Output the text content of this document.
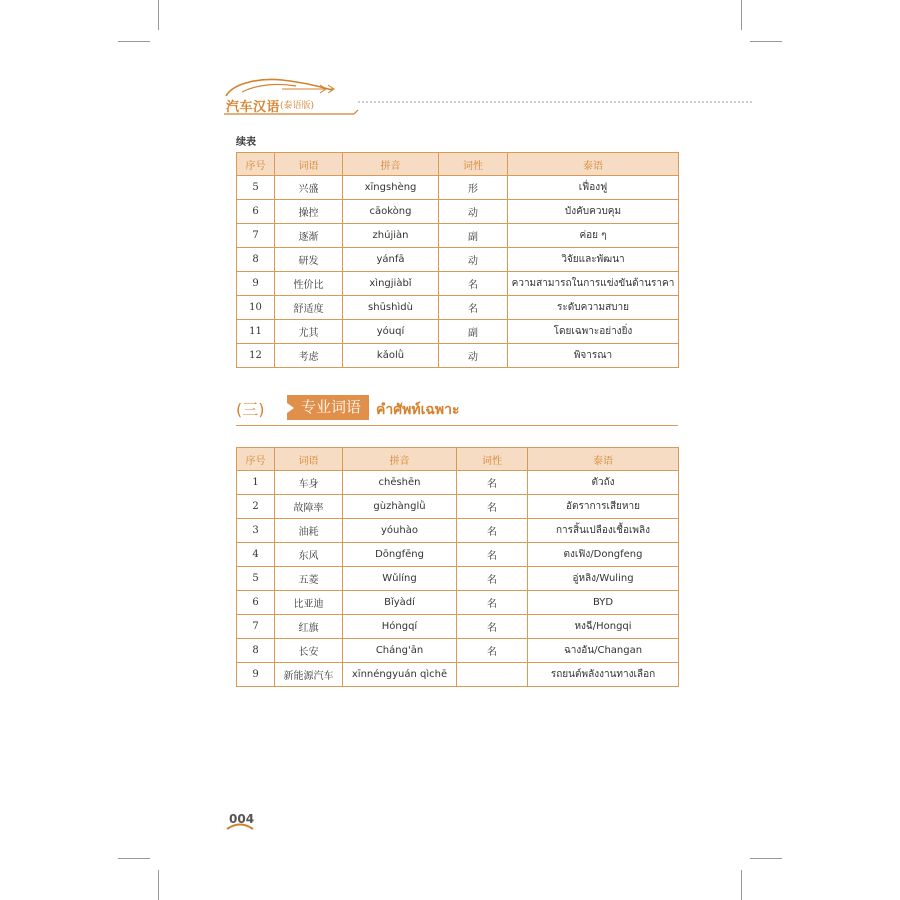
汽车汉语 (泰语版)
续表
序号	词语	拼音	词性	泰语
5	兴盛	xīngshèng	形	เฟื่องฟู
6	操控	cāokòng	动	บังคับควบคุม
7	逐渐	zhújiàn	副	ค่อย ๆ
8	研发	yánfā	动	วิจัยและพัฒนา
9	性价比	xìngjiàbǐ	名	ความสามารถในการแข่งขันด้านราคา
10	舒适度	shūshìdù	名	ระดับความสบาย
11	尤其	yóuqí	副	โดยเฉพาะอย่างยิ่ง
12	考虑	kǎolǜ	动	พิจารณา
(三)	专业词语	คำศัพท์เฉพาะ
序号	词语	拼音	词性	泰语
1	车身	chēshēn	名	ตัวถัง
2	故障率	gùzhànglǜ	名	อัตราการเสียหาย
3	油耗	yóuhào	名	การสิ้นเปลืองเชื้อเพลิง
4	东风	Dōngfēng	名	ตงเฟิง/Dongfeng
5	五菱	Wǔlíng	名	อู่หลิง/Wuling
6	比亚迪	Bǐyàdí	名	BYD
7	红旗	Hóngqí	名	หงฉี/Hongqi
8	长安	Cháng'ān	名	ฉางอัน/Changan
9	新能源汽车	xīnnéngyuán qìchē		รถยนต์พลังงานทางเลือก
004
